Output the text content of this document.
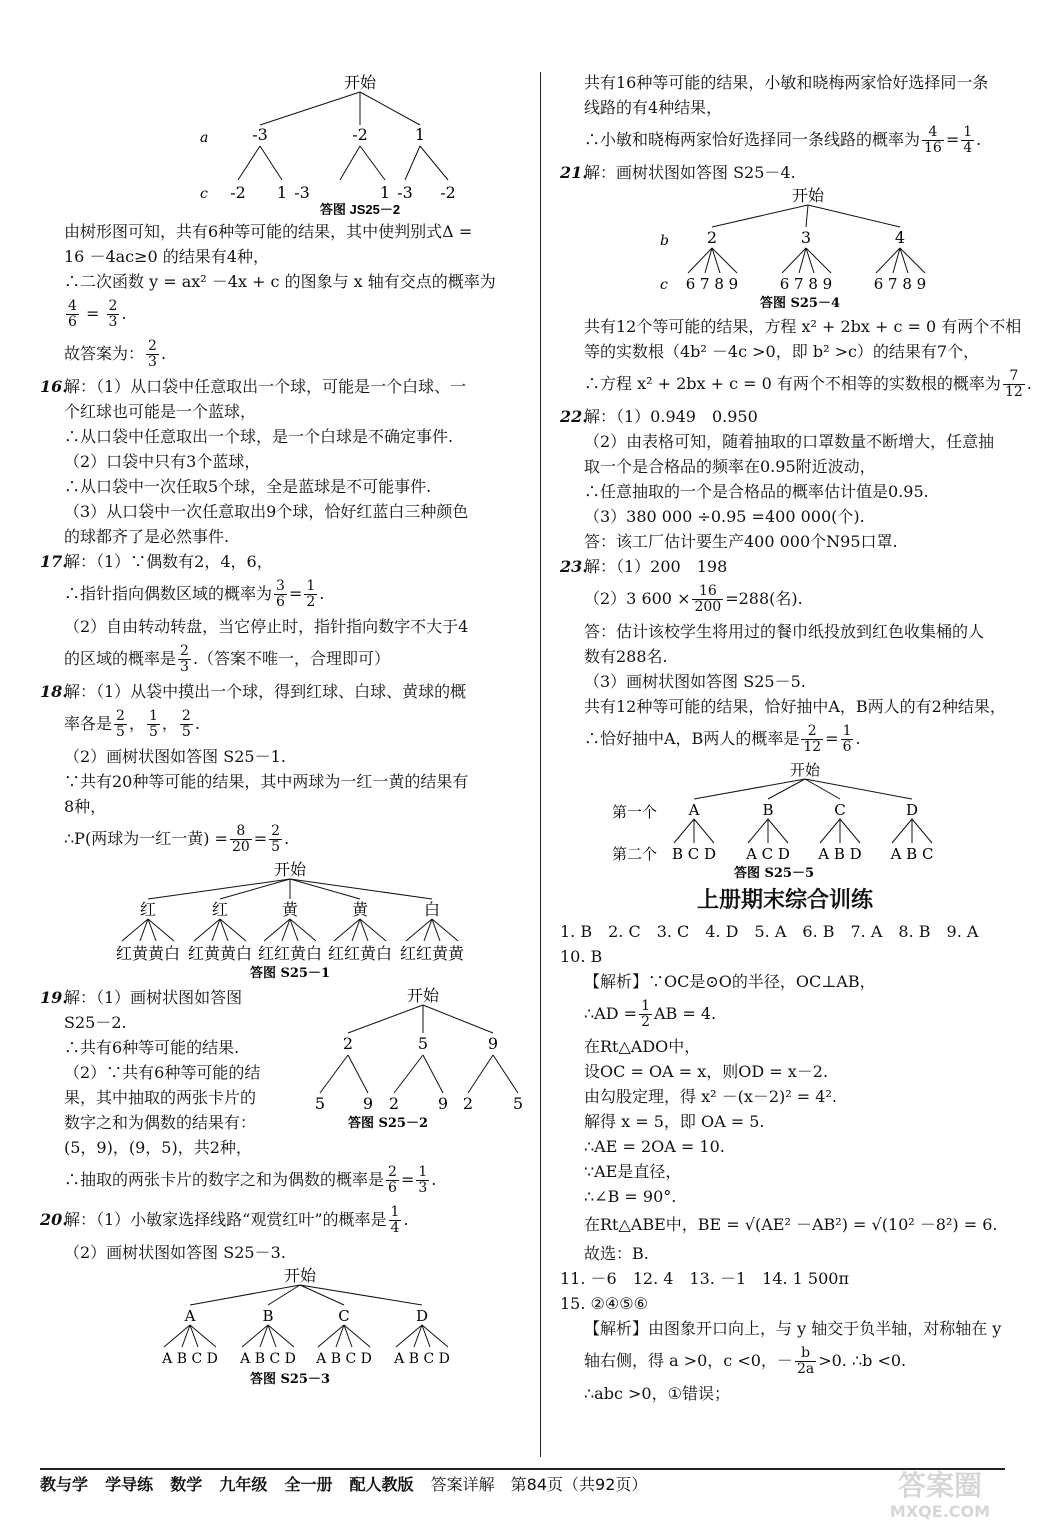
开始
a	-3	-2	1
c -2 1 -3	1 -3 -2
答图 JS25－2
由树形图可知，共有6种等可能的结果，其中使判别式Δ =
16 －4ac≥0 的结果有4种，
∴二次函数 y = ax² －4x + c 的图象与 x 轴有交点的概率为
$\frac{4}{6} = \frac{2}{3}$ .
故答案为： $\frac{2}{3}$ .
16.解：（1）从口袋中任意取出一个球，可能是一个白球、一
个红球也可能是一个蓝球，
∴从口袋中任意取出一个球，是一个白球是不确定事件.
（2）口袋中只有3个蓝球，
∴从口袋中一次任取5个球，全是蓝球是不可能事件.
（3）从口袋中一次任意取出9个球，恰好红蓝白三种颜色
的球都齐了是必然事件.
17.解：（1）∵偶数有2，4，6，
∴指针指向偶数区域的概率为 $\frac{3}{6} = \frac{1}{2}$ .
（2）自由转动转盘，当它停止时，指针指向数字不大于4
的区域的概率是 $\frac{2}{3}$ .（答案不唯一，合理即可）
18.解：（1）从袋中摸出一个球，得到红球、白球、黄球的概
率各是 $\frac{2}{5}$ ， $\frac{1}{5}$ ， $\frac{2}{5}$ .
（2）画树状图如答图 S25－1.
∵共有20种等可能的结果，其中两球为一红一黄的结果有
8种，
∴P(两球为一红一黄) = $\frac{8}{20} = \frac{2}{5}$ .
开始
红	红	黄	黄	白
红黄黄白 红黄黄白 红红黄白 红红黄白 红红黄黄
答图 S25－1
19.解：（1）画树状图如答图
S25－2.
∴共有6种等可能的结果.
（2）∵共有6种等可能的结
果，其中抽取的两张卡片的
数字之和为偶数的结果有：
(5，9)，(9，5)，共2种，
开始
2	5	9
5 9 2 9 2 5
答图 S25－2
∴抽取的两张卡片的数字之和为偶数的概率是 $\frac{2}{6} = \frac{1}{3}$ .
20.解：（1）小敏家选择线路“观赏红叶”的概率是 $\frac{1}{4}$ .
（2）画树状图如答图 S25－3.
开始
A	B	C	D
A B C D A B C D A B C D A B C D
答图 S25－3
共有16种等可能的结果，小敏和晓梅两家恰好选择同一条
线路的有4种结果，
∴小敏和晓梅两家恰好选择同一条线路的概率为 $\frac{4}{16} = \frac{1}{4}$ .
21.解：画树状图如答图 S25－4.
开始
b 2	3	4
c 6 7 8 9	6 7 8 9	6 7 8 9
答图 S25－4
共有12个等可能的结果，方程 x² + 2bx + c = 0 有两个不相
等的实数根（4b² －4c >0，即 b² >c）的结果有7个，
∴方程 x² + 2bx + c = 0 有两个不相等的实数根的概率为 $\frac{7}{12}$ .
22.解：（1）0.949　0.950
（2）由表格可知，随着抽取的口罩数量不断增大，任意抽
取一个是合格品的频率在0.95附近波动，
∴任意抽取的一个是合格品的概率估计值是0.95.
（3）380 000 ÷0.95 =400 000(个).
答：该工厂估计要生产400 000个N95口罩.
23.解：（1）200　198
（2）3 $600 \times \frac{16}{200} =288$(名).
答：估计该校学生将用过的餐巾纸投放到红色收集桶的人
数有288名.
（3）画树状图如答图 S25－5.
共有12种等可能的结果，恰好抽中A，B两人的有2种结果，
∴恰好抽中A，B两人的概率是 $\frac{2}{12} = \frac{1}{6}$ .
开始
第一个 A	B	C	D
第二个 B C D A C D A B D A B C
答图 S25－5
上册期末综合训练
1. B　2. C　3. C　4. D　5. A　6. B　7. A　8. B　9. A
10. B
【解析】∵OC是⊙O的半径，OC⊥AB，
∴AD = $\frac{1}{2}$ AB = 4.
在Rt△ADO中，
设OC = OA = x，则OD = x－2.
由勾股定理，得 x² －(x－2)² = 4².
解得 x = 5，即 OA = 5.
∴AE = 2OA = 10.
∵AE是直径，
∴∠B = 90°.
在Rt△ABE中，BE = √(AE² －AB²) = √(10² －8²) = 6.
故选：B.
11. －6　12. 4　13. －1　14. 1 500π
15. ②④⑤⑥
【解析】由图象开口向上，与 y 轴交于负半轴，对称轴在 y
轴右侧，得 a >0，c <0，－ $\frac{b}{2a} >0$. ∴b <0.
∴abc >0，①错误；
教与学 学导练 数学 九年级 全一册 配人教版 答案详解　第84页（共92页）	答案圈
MXQE.COM
